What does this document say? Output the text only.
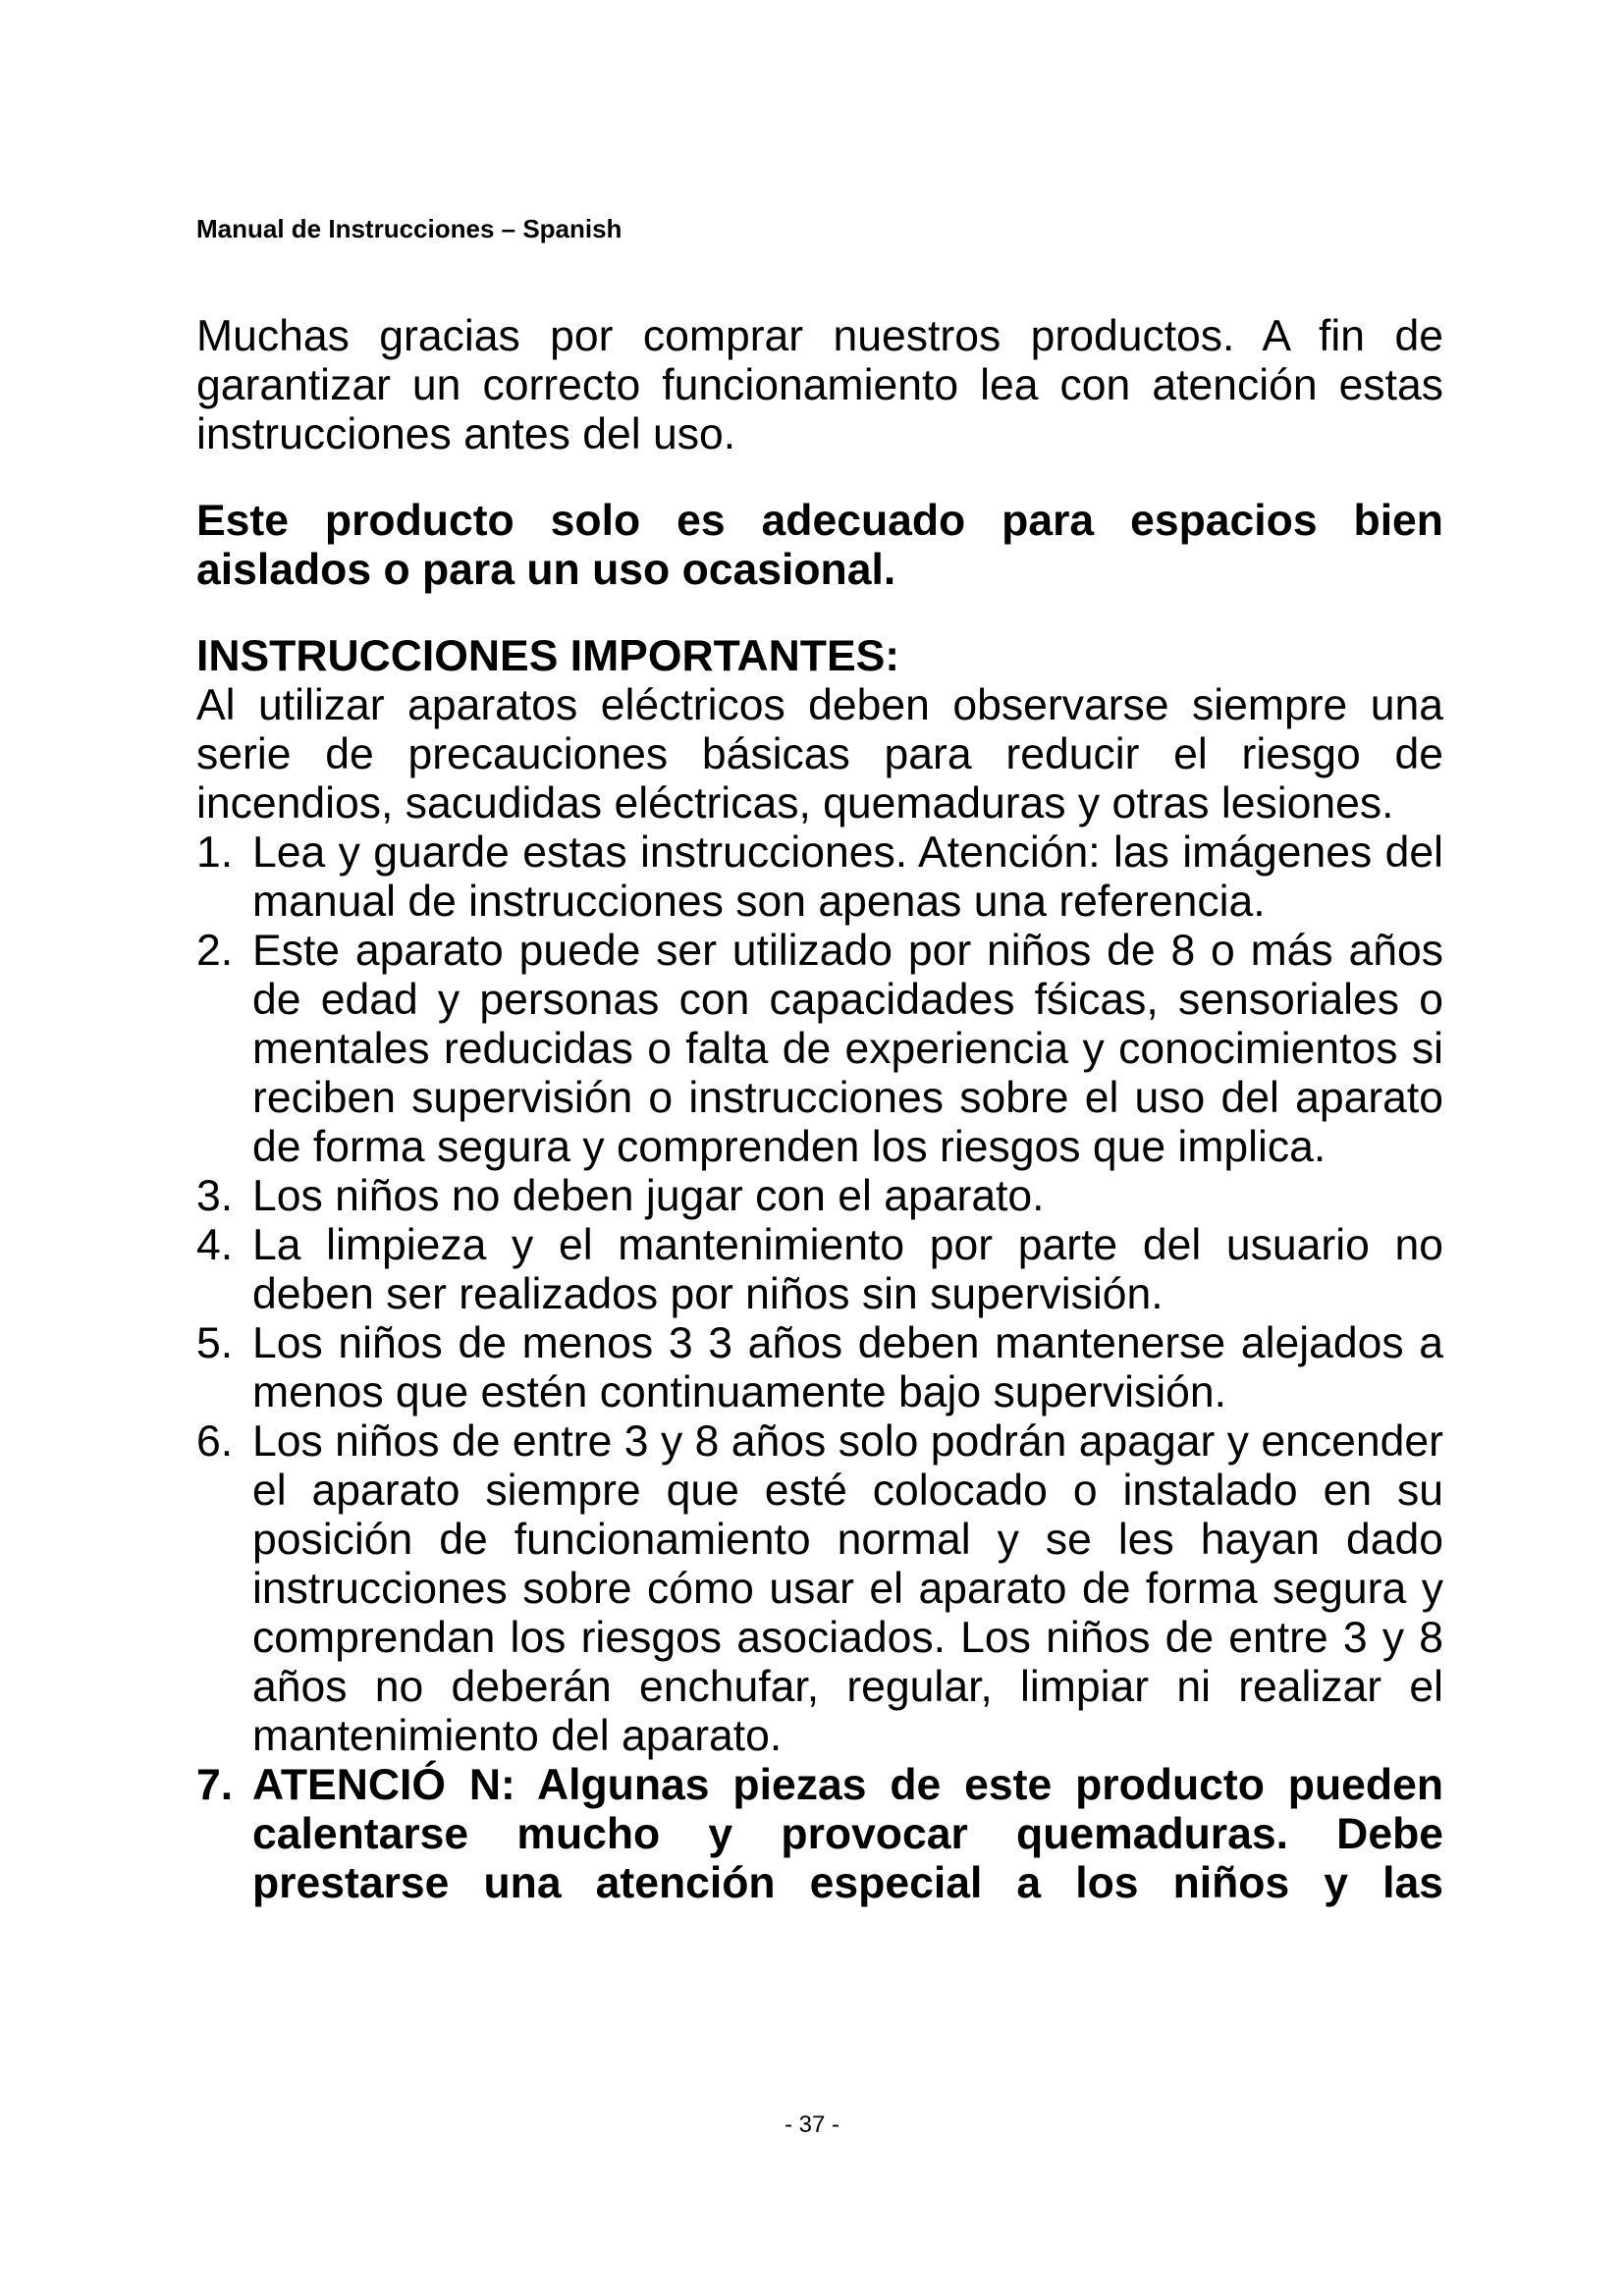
Manual de Instrucciones – Spanish

Muchas gracias por comprar nuestros productos. A fin de garantizar un correcto funcionamiento lea con atención estas instrucciones antes del uso.

Este producto solo es adecuado para espacios bien aislados o para un uso ocasional.

INSTRUCCIONES IMPORTANTES:

Al utilizar aparatos eléctricos deben observarse siempre una serie de precauciones básicas para reducir el riesgo de incendios, sacudidas eléctricas, quemaduras y otras lesiones.

1. Lea y guarde estas instrucciones. Atención: las imágenes del manual de instrucciones son apenas una referencia.
2. Este aparato puede ser utilizado por niños de 8 o más años de edad y personas con capacidades fśicas, sensoriales o mentales reducidas o falta de experiencia y conocimientos si reciben supervisión o instrucciones sobre el uso del aparato de forma segura y comprenden los riesgos que implica.
3. Los niños no deben jugar con el aparato.
4. La limpieza y el mantenimiento por parte del usuario no deben ser realizados por niños sin supervisión.
5. Los niños de menos 3 3 años deben mantenerse alejados a menos que estén continuamente bajo supervisión.
6. Los niños de entre 3 y 8 años solo podrán apagar y encender el aparato siempre que esté colocado o instalado en su posición de funcionamiento normal y se les hayan dado instrucciones sobre cómo usar el aparato de forma segura y comprendan los riesgos asociados. Los niños de entre 3 y 8 años no deberán enchufar, regular, limpiar ni realizar el mantenimiento del aparato.
7. ATENCIÓ N: Algunas piezas de este producto pueden calentarse mucho y provocar quemaduras. Debe prestarse una atención especial a los niños y las
- 37 -
